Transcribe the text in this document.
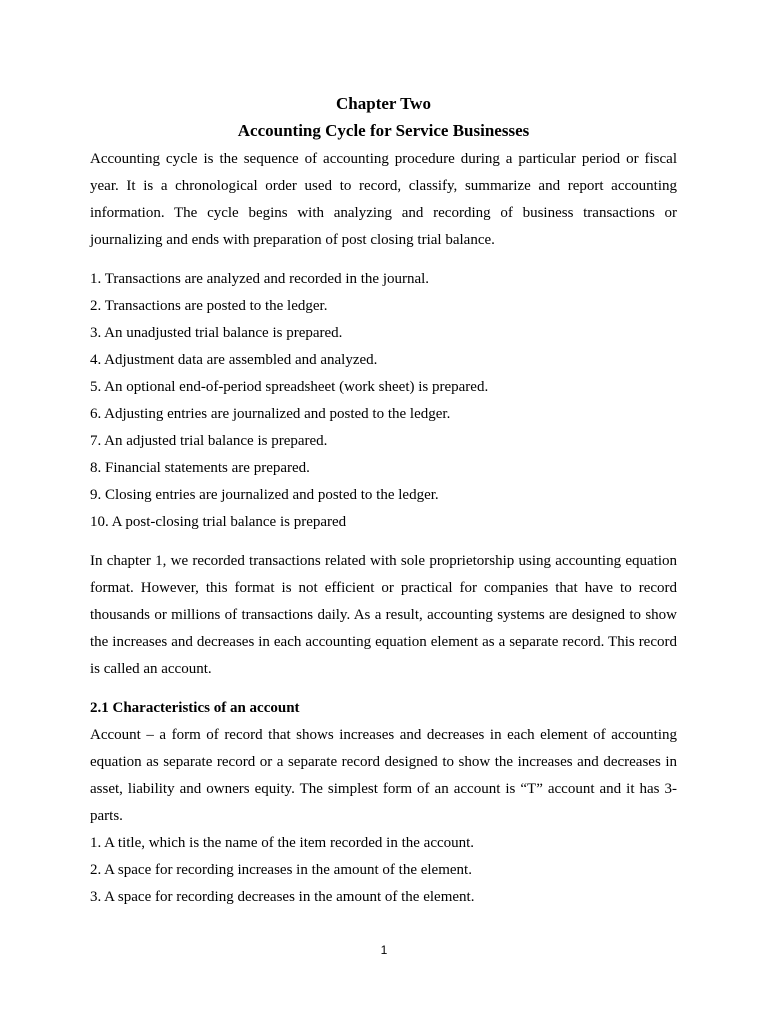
Chapter Two
Accounting Cycle for Service Businesses

Accounting cycle is the sequence of accounting procedure during a particular period or fiscal year. It is a chronological order used to record, classify, summarize and report accounting information. The cycle begins with analyzing and recording of business transactions or journalizing and ends with preparation of post closing trial balance.

1. Transactions are analyzed and recorded in the journal.
2. Transactions are posted to the ledger.
3. An unadjusted trial balance is prepared.
4. Adjustment data are assembled and analyzed.
5. An optional end-of-period spreadsheet (work sheet) is prepared.
6. Adjusting entries are journalized and posted to the ledger.
7. An adjusted trial balance is prepared.
8. Financial statements are prepared.
9. Closing entries are journalized and posted to the ledger.
10. A post-closing trial balance is prepared

In chapter 1, we recorded transactions related with sole proprietorship using accounting equation format. However, this format is not efficient or practical for companies that have to record thousands or millions of transactions daily. As a result, accounting systems are designed to show the increases and decreases in each accounting equation element as a separate record. This record is called an account.

2.1 Characteristics of an account

Account – a form of record that shows increases and decreases in each element of accounting equation as separate record or a separate record designed to show the increases and decreases in asset, liability and owners equity. The simplest form of an account is “T” account and it has 3-parts.

1. A title, which is the name of the item recorded in the account.
2. A space for recording increases in the amount of the element.
3. A space for recording decreases in the amount of the element.
1
